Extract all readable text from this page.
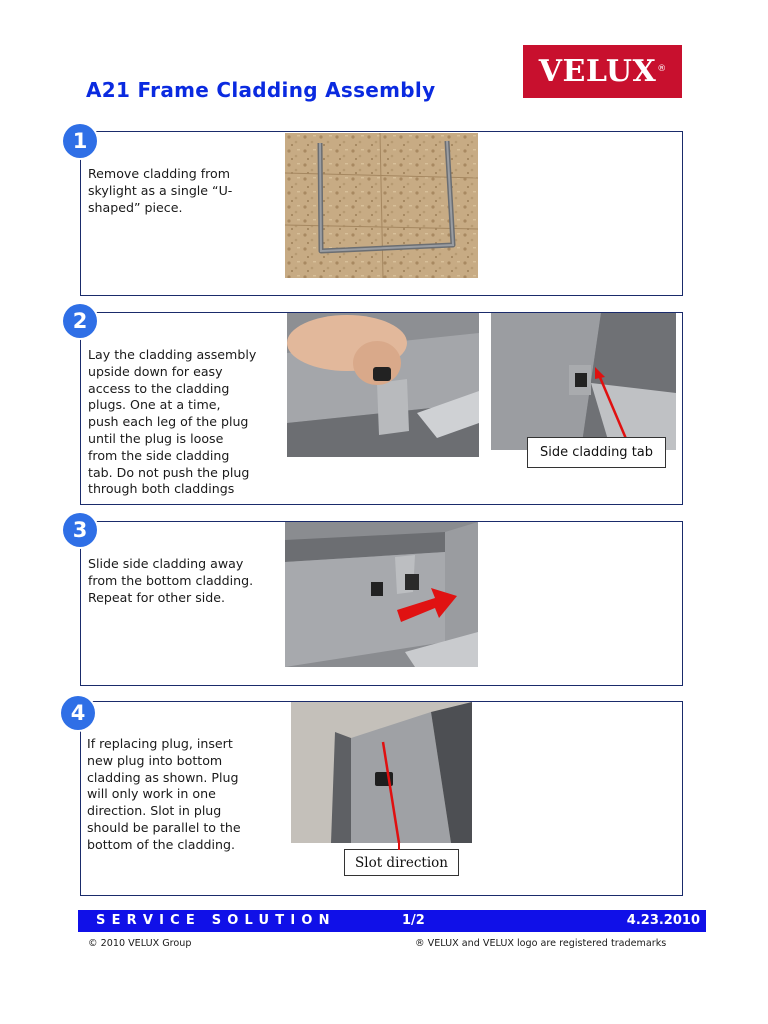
A21 Frame Cladding Assembly
VELUX ®
1
Remove cladding from
skylight as a single “U-
shaped” piece.
2
Lay the cladding assembly
upside down for easy
access to the cladding
plugs. One at a time,
push each leg of the plug
until the plug is loose
from the side cladding
tab. Do not push the plug
through both claddings
Side cladding tab
3
Slide side cladding away
from the bottom cladding.
Repeat for other side.
4
If replacing plug, insert
new plug into bottom
cladding as shown. Plug
will only work in one
direction. Slot in plug
should be parallel to the
bottom of the cladding.
Slot direction
SERVICE SOLUTION	1/2	4.23.2010
© 2010 VELUX Group	® VELUX and VELUX logo are registered trademarks
